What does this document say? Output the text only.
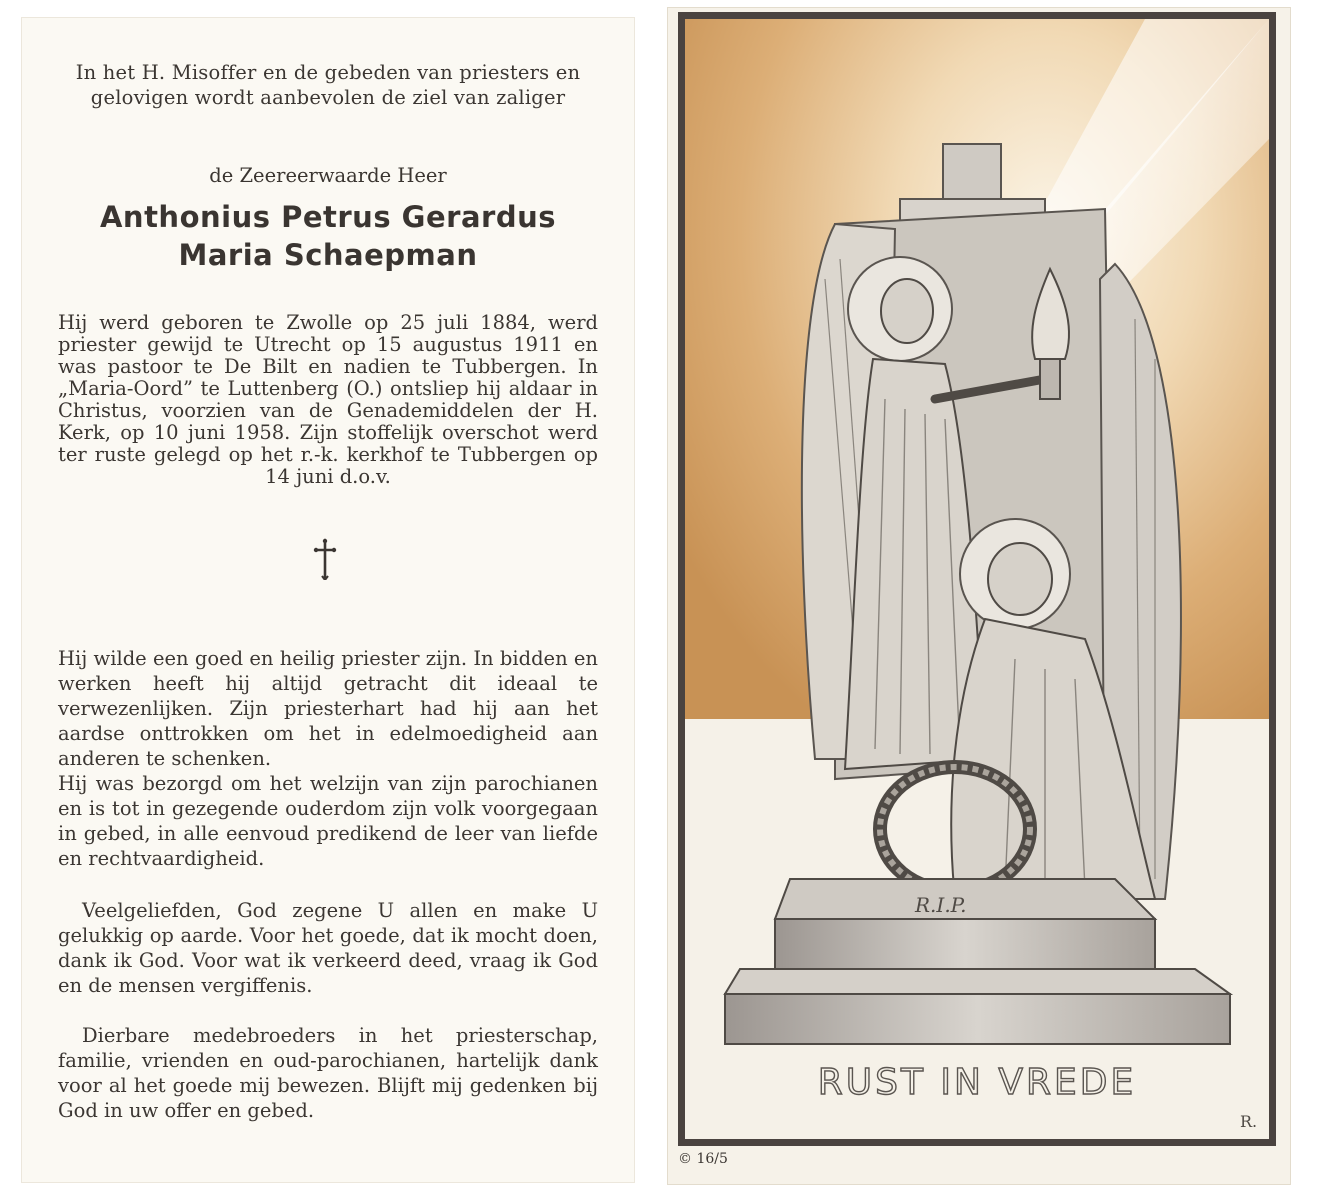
In het H. Misoffer en de gebeden van priesters en gelovigen wordt aanbevolen de ziel van zaliger
de Zeereerwaarde Heer
Anthonius Petrus Gerardus
Maria Schaepman
Hij werd geboren te Zwolle op 25 juli 1884, werd priester gewijd te Utrecht op 15 augustus 1911 en was pastoor te De Bilt en nadien te Tubbergen. In „Maria-Oord” te Luttenberg (O.) ontsliep hij aldaar in Christus, voorzien van de Genademiddelen der H. Kerk, op 10 juni 1958. Zijn stoffelijk overschot werd ter ruste gelegd op het r.-k. kerkhof te Tubbergen op 14 juni d.o.v.
Hij wilde een goed en heilig priester zijn. In bidden en werken heeft hij altijd getracht dit ideaal te verwezenlijken. Zijn priesterhart had hij aan het aardse onttrokken om het in edelmoedigheid aan anderen te schenken.
Hij was bezorgd om het welzijn van zijn parochianen en is tot in gezegende ouderdom zijn volk voorgegaan in gebed, in alle eenvoud predikend de leer van liefde en rechtvaardigheid.
Veelgeliefden, God zegene U allen en make U gelukkig op aarde. Voor het goede, dat ik mocht doen, dank ik God. Voor wat ik verkeerd deed, vraag ik God en de mensen vergiffenis.
Dierbare medebroeders in het priesterschap, familie, vrienden en oud-parochianen, hartelijk dank voor al het goede mij bewezen. Blijft mij gedenken bij God in uw offer en gebed.
R.I.P.
RUST IN VREDE
R.
© 16/5
